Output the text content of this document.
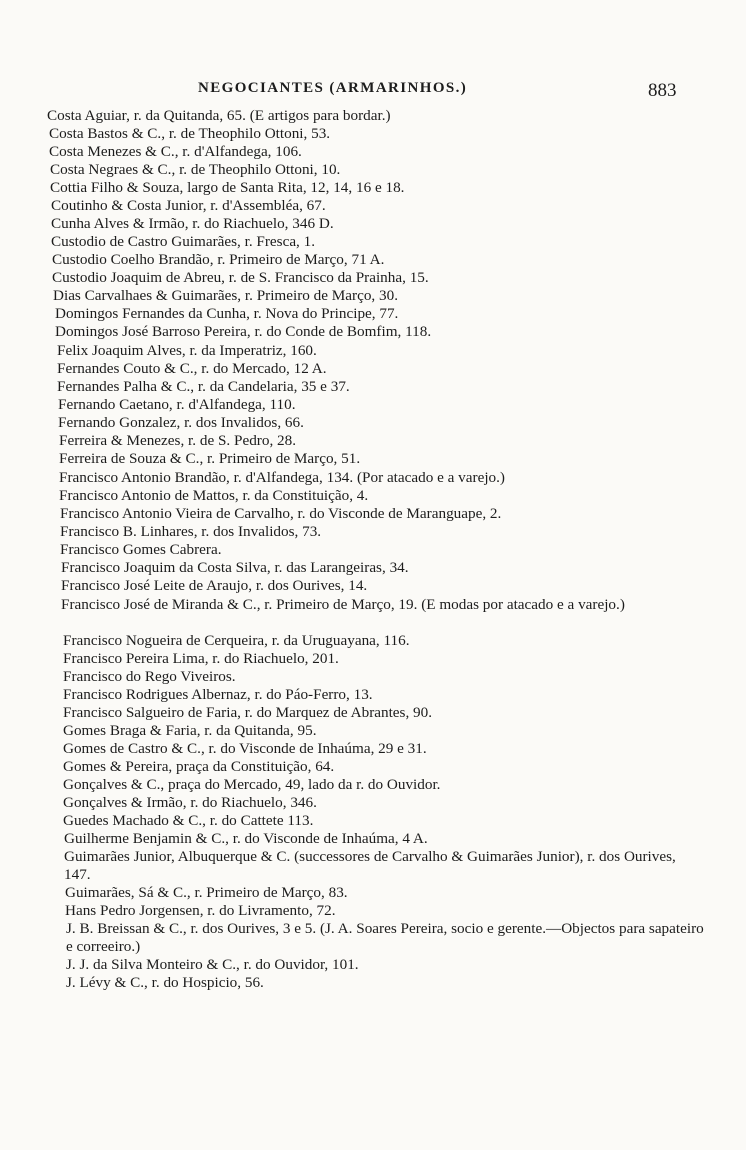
NEGOCIANTES (ARMARINHOS.)	883
Costa Aguiar, r. da Quitanda, 65. (E artigos para bordar.)
Costa Bastos & C., r. de Theophilo Ottoni, 53.
Costa Menezes & C., r. d'Alfandega, 106.
Costa Negraes & C., r. de Theophilo Ottoni, 10.
Cottia Filho & Souza, largo de Santa Rita, 12, 14, 16 e 18.
Coutinho & Costa Junior, r. d'Assembléa, 67.
Cunha Alves & Irmão, r. do Riachuelo, 346 D.
Custodio de Castro Guimarães, r. Fresca, 1.
Custodio Coelho Brandão, r. Primeiro de Março, 71 A.
Custodio Joaquim de Abreu, r. de S. Francisco da Prainha, 15.
Dias Carvalhaes & Guimarães, r. Primeiro de Março, 30.
Domingos Fernandes da Cunha, r. Nova do Principe, 77.
Domingos José Barroso Pereira, r. do Conde de Bomfim, 118.
Felix Joaquim Alves, r. da Imperatriz, 160.
Fernandes Couto & C., r. do Mercado, 12 A.
Fernandes Palha & C., r. da Candelaria, 35 e 37.
Fernando Caetano, r. d'Alfandega, 110.
Fernando Gonzalez, r. dos Invalidos, 66.
Ferreira & Menezes, r. de S. Pedro, 28.
Ferreira de Souza & C., r. Primeiro de Março, 51.
Francisco Antonio Brandão, r. d'Alfandega, 134. (Por atacado e a varejo.)
Francisco Antonio de Mattos, r. da Constituição, 4.
Francisco Antonio Vieira de Carvalho, r. do Visconde de Maranguape, 2.
Francisco B. Linhares, r. dos Invalidos, 73.
Francisco Gomes Cabrera.
Francisco Joaquim da Costa Silva, r. das Larangeiras, 34.
Francisco José Leite de Araujo, r. dos Ourives, 14.
Francisco José de Miranda & C., r. Primeiro de Março, 19. (E modas por atacado e a varejo.)
Francisco Nogueira de Cerqueira, r. da Uruguayana, 116.
Francisco Pereira Lima, r. do Riachuelo, 201.
Francisco do Rego Viveiros.
Francisco Rodrigues Albernaz, r. do Páo-Ferro, 13.
Francisco Salgueiro de Faria, r. do Marquez de Abrantes, 90.
Gomes Braga & Faria, r. da Quitanda, 95.
Gomes de Castro & C., r. do Visconde de Inhaúma, 29 e 31.
Gomes & Pereira, praça da Constituição, 64.
Gonçalves & C., praça do Mercado, 49, lado da r. do Ouvidor.
Gonçalves & Irmão, r. do Riachuelo, 346.
Guedes Machado & C., r. do Cattete 113.
Guilherme Benjamin & C., r. do Visconde de Inhaúma, 4 A.
Guimarães Junior, Albuquerque & C. (successores de Carvalho & Guimarães Junior), r. dos Ourives, 147.
Guimarães, Sá & C., r. Primeiro de Março, 83.
Hans Pedro Jorgensen, r. do Livramento, 72.
J. B. Breissan & C., r. dos Ourives, 3 e 5. (J. A. Soares Pereira, socio e gerente.—Objectos para sapateiro e correeiro.)
J. J. da Silva Monteiro & C., r. do Ouvidor, 101.
J. Lévy & C., r. do Hospicio, 56.
